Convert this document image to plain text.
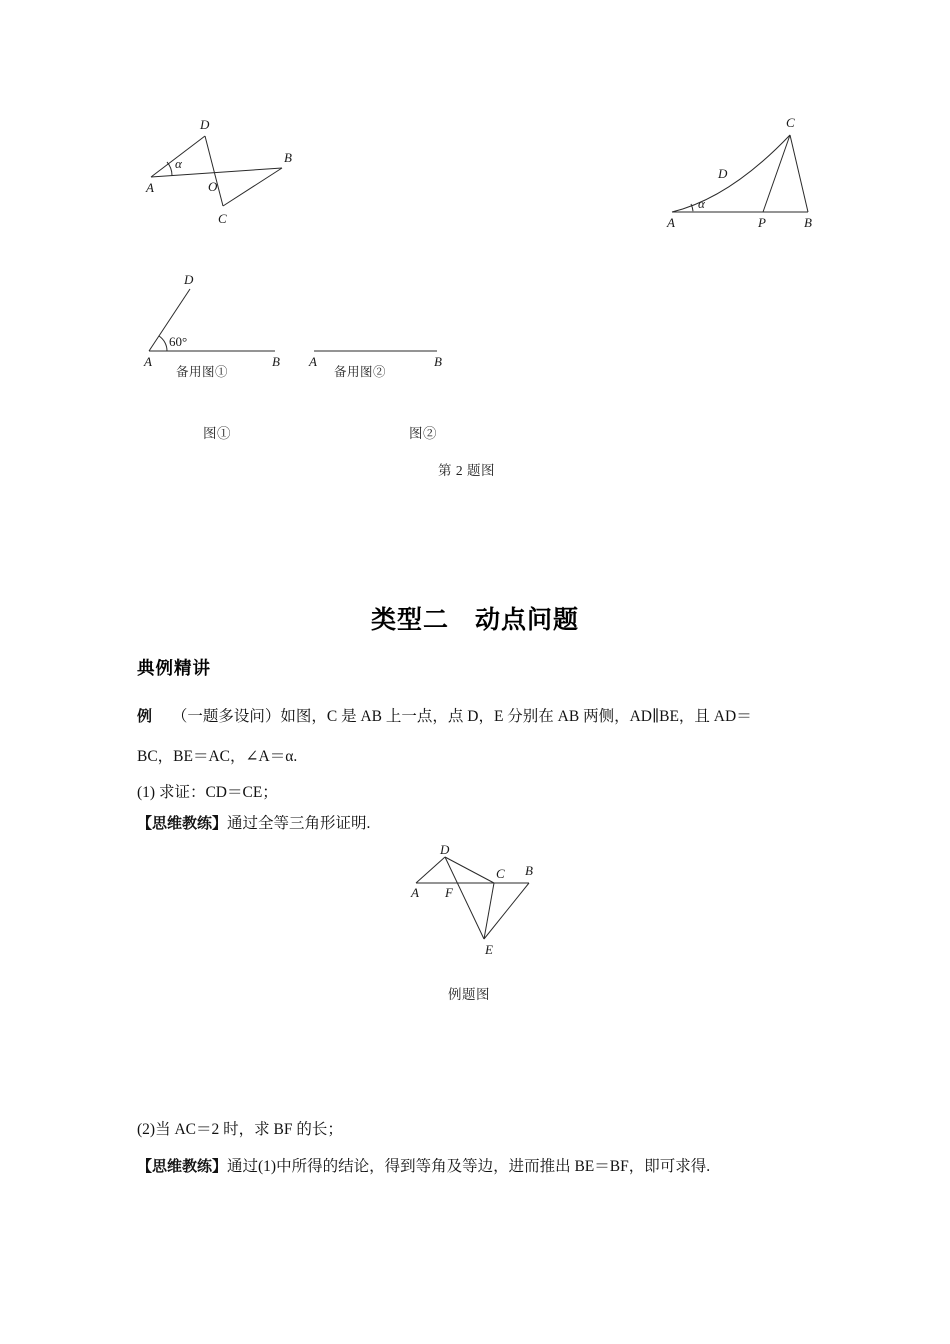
D
B
A	O
C
α
C
D
A	P	B
α
D
A	B
60°
备用图①
A	B
备用图②
图①	图②
第 2 题图
类型二　动点问题
典例精讲
例 （一题多设问）如图，C 是 AB 上一点，点 D，E 分别在 AB 两侧，AD∥BE，且 AD＝
BC，BE＝AC，∠A＝α.
(1) 求证：CD＝CE；
【思维教练】通过全等三角形证明.
D
C B
A F
E
例题图
(2)当 AC＝2 时，求 BF 的长；
【思维教练】通过(1)中所得的结论，得到等角及等边，进而推出 BE＝BF，即可求得.
